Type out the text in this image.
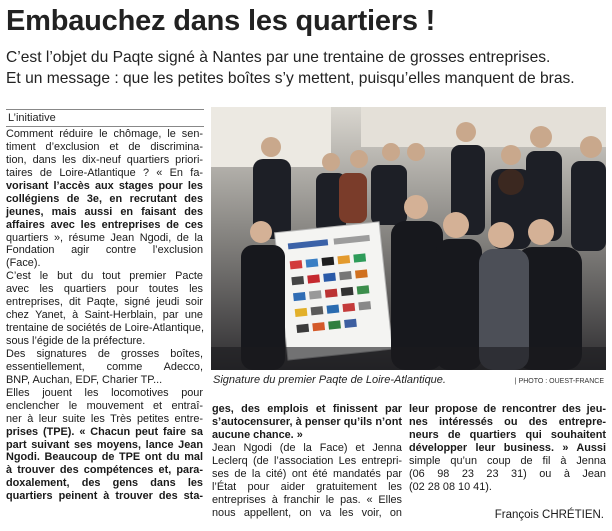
Embauchez dans les quartiers !
C’est l’objet du Paqte signé à Nantes par une trentaine de grosses entreprises.
Et un message : que les petites boîtes s’y mettent, puisqu’elles manquent de bras.
L’initiative
Comment réduire le chômage, le sen-
timent d’exclusion et de discrimina-
tion, dans les dix-neuf quartiers priori-
taires de Loire-Atlantique ? « En fa-
vorisant l’accès aux stages pour les
collégiens de 3e, en recrutant des
jeunes, mais aussi en faisant des
affaires avec les entreprises de ces
quartiers », résume Jean Ngodi, de la
Fondation agir contre l’exclusion
(Face).
C’est le but du tout premier Pacte
avec les quartiers pour toutes les
entreprises, dit Paqte, signé jeudi soir
chez Yanet, à Saint-Herblain, par une
trentaine de sociétés de Loire-Atlantique,
sous l’égide de la préfecture.
Des signatures de grosses boîtes,
essentiellement, comme Adecco,
BNP, Auchan, EDF, Charier TP...
Elles jouent les locomotives pour
enclencher le mouvement et entraî-
ner à leur suite les Très petites entre-
prises (TPE). « Chacun peut faire sa
part suivant ses moyens, lance Jean
Ngodi. Beaucoup de TPE ont du mal
à trouver des compétences et, para-
doxalement, des gens dans les
quartiers peinent à trouver des sta-
Signature du premier Paqte de Loire-Atlantique.	| PHOTO : OUEST-FRANCE
ges, des emplois et finissent par
s’autocensurer, à penser qu’ils n’ont
aucune chance. »
Jean Ngodi (de la Face) et Jenna
Leclerq (de l’association Les entrepri-
ses de la cité) ont été mandatés par
l’État pour aider gratuitement les
entreprises à franchir le pas. « Elles
nous appellent, on va les voir, on
leur propose de rencontrer des jeu-
nes intéressés ou des entrepre-
neurs de quartiers qui souhaitent
développer leur business. » Aussi
simple qu’un coup de fil à Jenna
(06 98 23 23 31) ou à Jean
(02 28 08 10 41).
François CHRÉTIEN.
